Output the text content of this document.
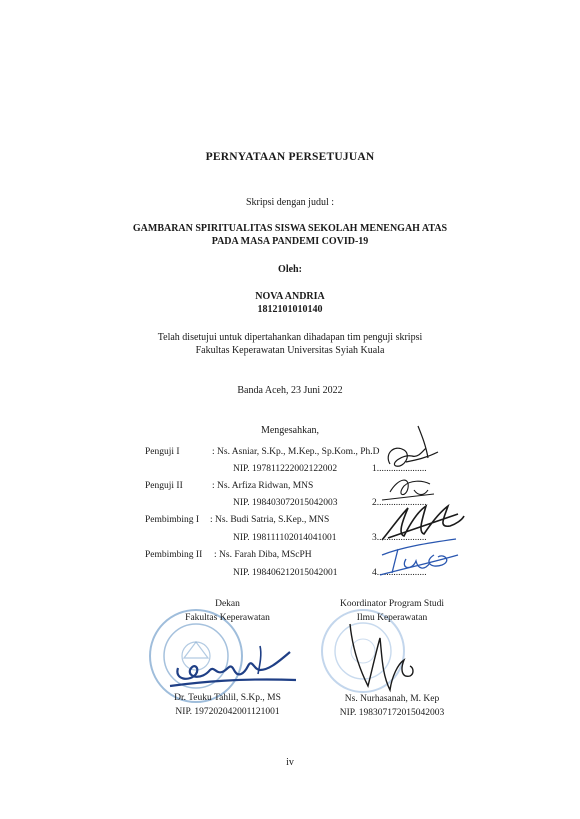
PERNYATAAN PERSETUJUAN
Skripsi dengan judul :
GAMBARAN SPIRITUALITAS SISWA SEKOLAH MENENGAH ATAS
PADA MASA PANDEMI COVID-19
Oleh:
NOVA ANDRIA
1812101010140
Telah disetujui untuk dipertahankan dihadapan tim penguji skripsi
Fakultas Keperawatan Universitas Syiah Kuala
Banda Aceh, 23 Juni 2022
Mengesahkan,
Penguji I	: Ns. Asniar, S.Kp., M.Kep., Sp.Kom., Ph.D
NIP. 197811222002122002	1.....................
Penguji II	: Ns. Arfiza Ridwan, MNS
NIP. 198403072015042003	2.....................
Pembimbing I : Ns. Budi Satria, S.Kep., MNS
NIP. 198111102014041001	3.....................
Pembimbing II : Ns. Farah Diba, MScPH
NIP. 198406212015042001	4.....................
Dekan
Fakultas Keperawatan
Dr. Teuku Tahlil, S.Kp., MS
NIP. 197202042001121001
Koordinator Program Studi
Ilmu Keperawatan
Ns. Nurhasanah, M. Kep
NIP. 198307172015042003
iv
